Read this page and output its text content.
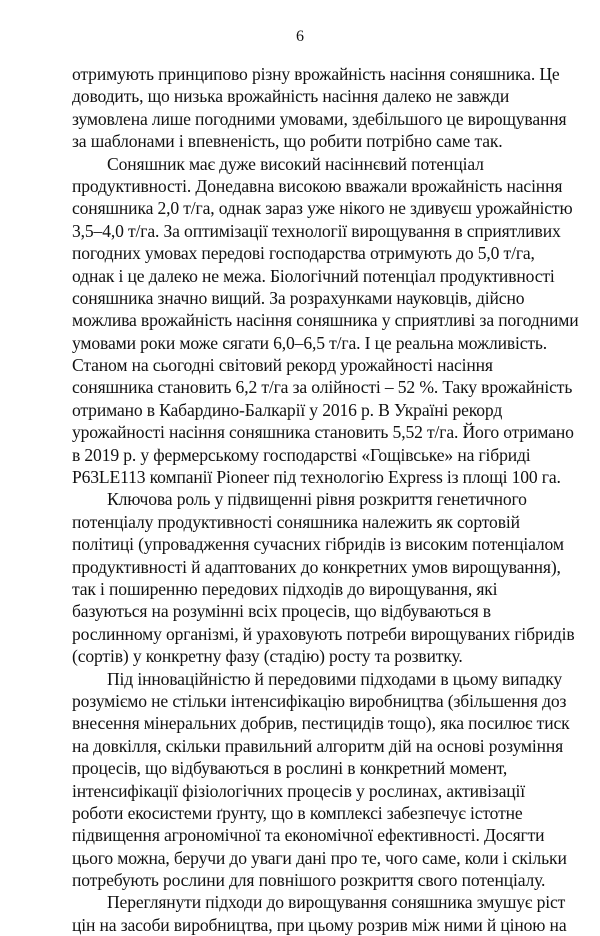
6
отримують принципово різну врожайність насіння соняшника. Це
доводить, що низька врожайність насіння далеко не завжди
зумовлена лише погодними умовами, здебільшого це вирощування
за шаблонами і впевненість, що робити потрібно саме так.
Соняшник має дуже високий насіннєвий потенціал
продуктивності. Донедавна високою вважали врожайність насіння
соняшника 2,0 т/га, однак зараз уже нікого не здивуєш урожайністю
3,5–4,0 т/га. За оптимізації технології вирощування в сприятливих
погодних умовах передові господарства отримують до 5,0 т/га,
однак і це далеко не межа. Біологічний потенціал продуктивності
соняшника значно вищий. За розрахунками науковців, дійсно
можлива врожайність насіння соняшника у сприятливі за погодними
умовами роки може сягати 6,0–6,5 т/га. І це реальна можливість.
Станом на сьогодні світовий рекорд урожайності насіння
соняшника становить 6,2 т/га за олійності – 52 %. Таку врожайність
отримано в Кабардино-Балкарії у 2016 р. В Україні рекорд
урожайності насіння соняшника становить 5,52 т/га. Його отримано
в 2019 р. у фермерському господарстві «Гощівське» на гібриді
P63LE113 компанії Pioneer під технологію Express із площі 100 га.
Ключова роль у підвищенні рівня розкриття генетичного
потенціалу продуктивності соняшника належить як сортовій
політиці (упровадження сучасних гібридів із високим потенціалом
продуктивності й адаптованих до конкретних умов вирощування),
так і поширенню передових підходів до вирощування, які
базуються на розумінні всіх процесів, що відбуваються в
рослинному організмі, й ураховують потреби вирощуваних гібридів
(сортів) у конкретну фазу (стадію) росту та розвитку.
Під інноваційністю й передовими підходами в цьому випадку
розуміємо не стільки інтенсифікацію виробництва (збільшення доз
внесення мінеральних добрив, пестицидів тощо), яка посилює тиск
на довкілля, скільки правильний алгоритм дій на основі розуміння
процесів, що відбуваються в рослині в конкретний момент,
інтенсифікації фізіологічних процесів у рослинах, активізації
роботи екосистеми ґрунту, що в комплексі забезпечує істотне
підвищення агрономічної та економічної ефективності. Досягти
цього можна, беручи до уваги дані про те, чого саме, коли і скільки
потребують рослини для повнішого розкриття свого потенціалу.
Переглянути підходи до вирощування соняшника змушує ріст
цін на засоби виробництва, при цьому розрив між ними й ціною на
